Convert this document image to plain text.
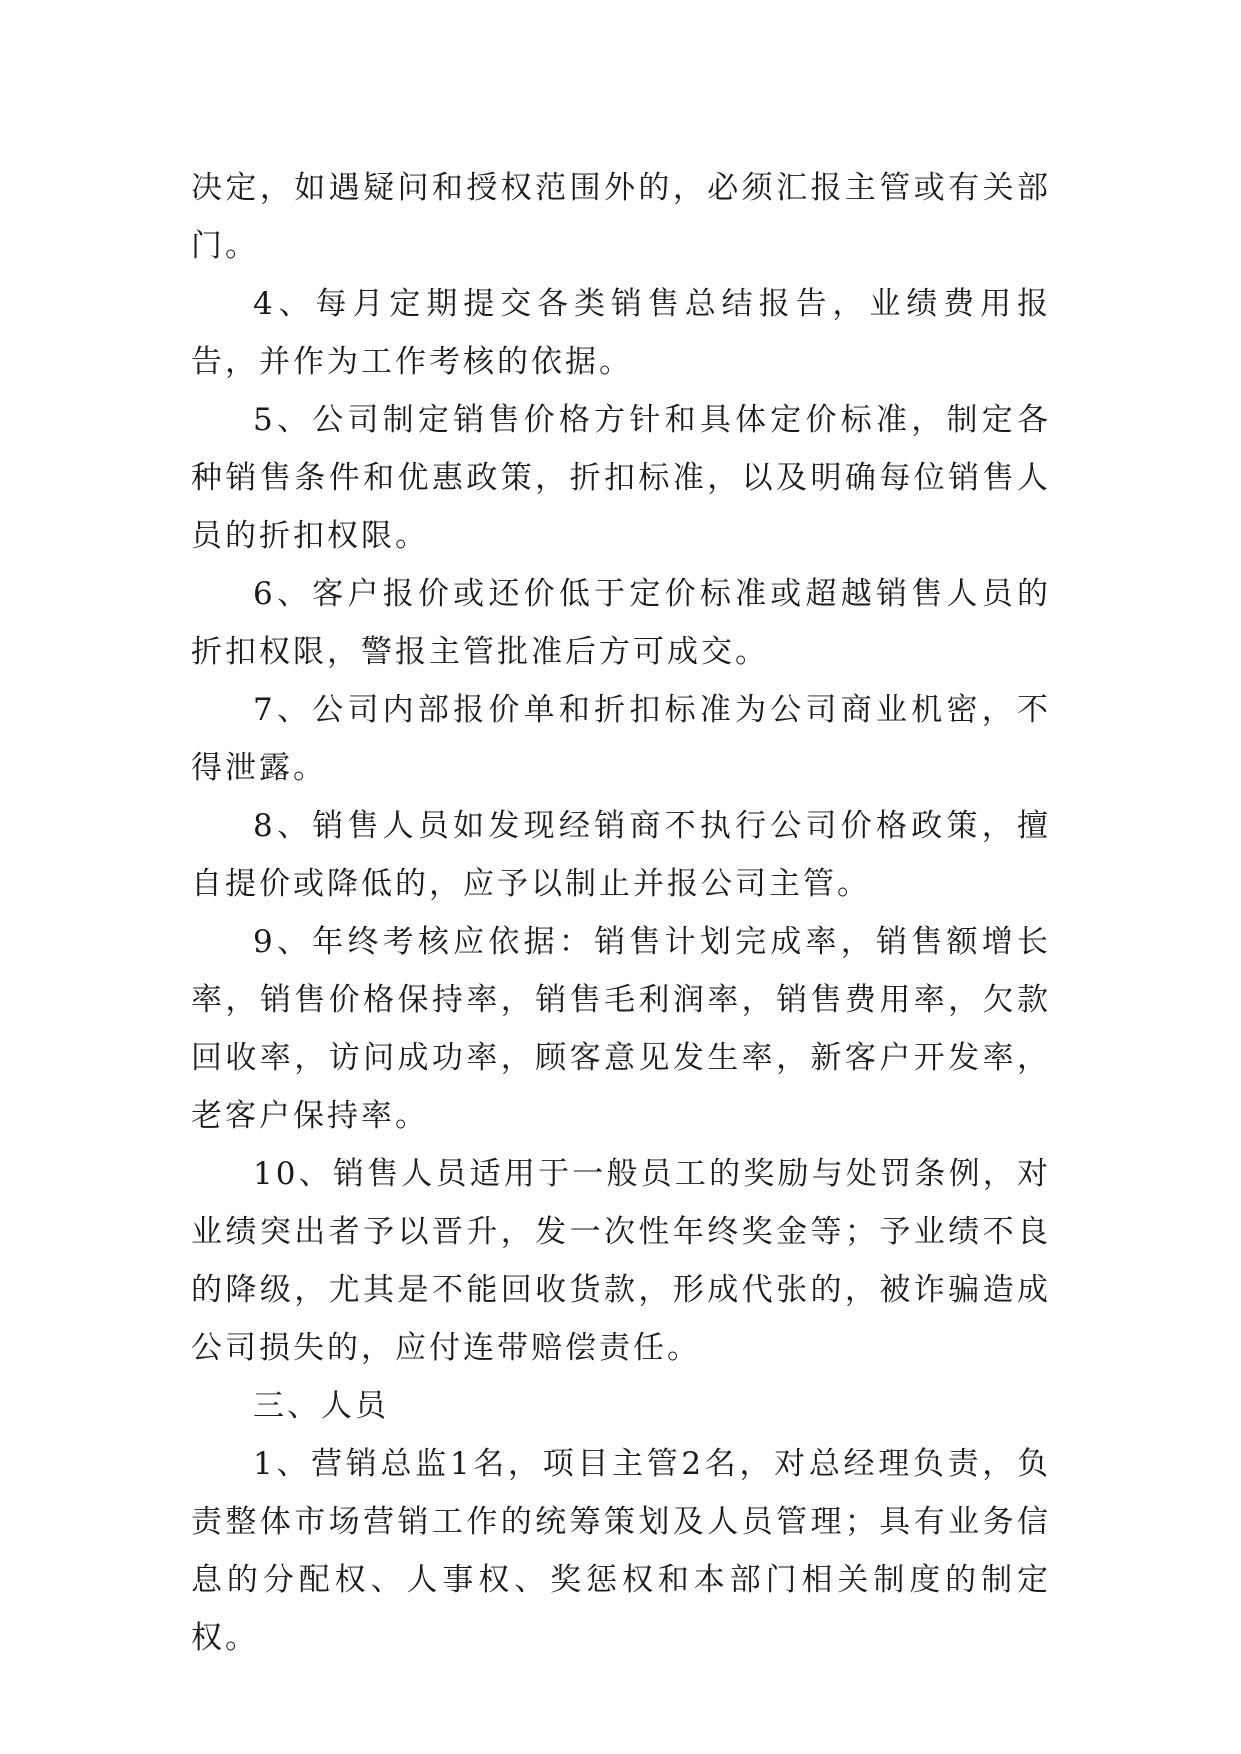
决定，如遇疑问和授权范围外的，必须汇报主管或有关部门。

4、每月定期提交各类销售总结报告，业绩费用报告，并作为工作考核的依据。

5、公司制定销售价格方针和具体定价标准，制定各种销售条件和优惠政策，折扣标准，以及明确每位销售人员的折扣权限。

6、客户报价或还价低于定价标准或超越销售人员的折扣权限，警报主管批准后方可成交。

7、公司内部报价单和折扣标准为公司商业机密，不得泄露。

8、销售人员如发现经销商不执行公司价格政策，擅自提价或降低的，应予以制止并报公司主管。

9、年终考核应依据：销售计划完成率，销售额增长率，销售价格保持率，销售毛利润率，销售费用率，欠款回收率，访问成功率，顾客意见发生率，新客户开发率，老客户保持率。

10、销售人员适用于一般员工的奖励与处罚条例，对业绩突出者予以晋升，发一次性年终奖金等；予业绩不良的降级，尤其是不能回收货款，形成代张的，被诈骗造成公司损失的，应付连带赔偿责任。

三、人员

1、营销总监1名，项目主管2名，对总经理负责，负责整体市场营销工作的统筹策划及人员管理；具有业务信息的分配权、人事权、奖惩权和本部门相关制度的制定权。
